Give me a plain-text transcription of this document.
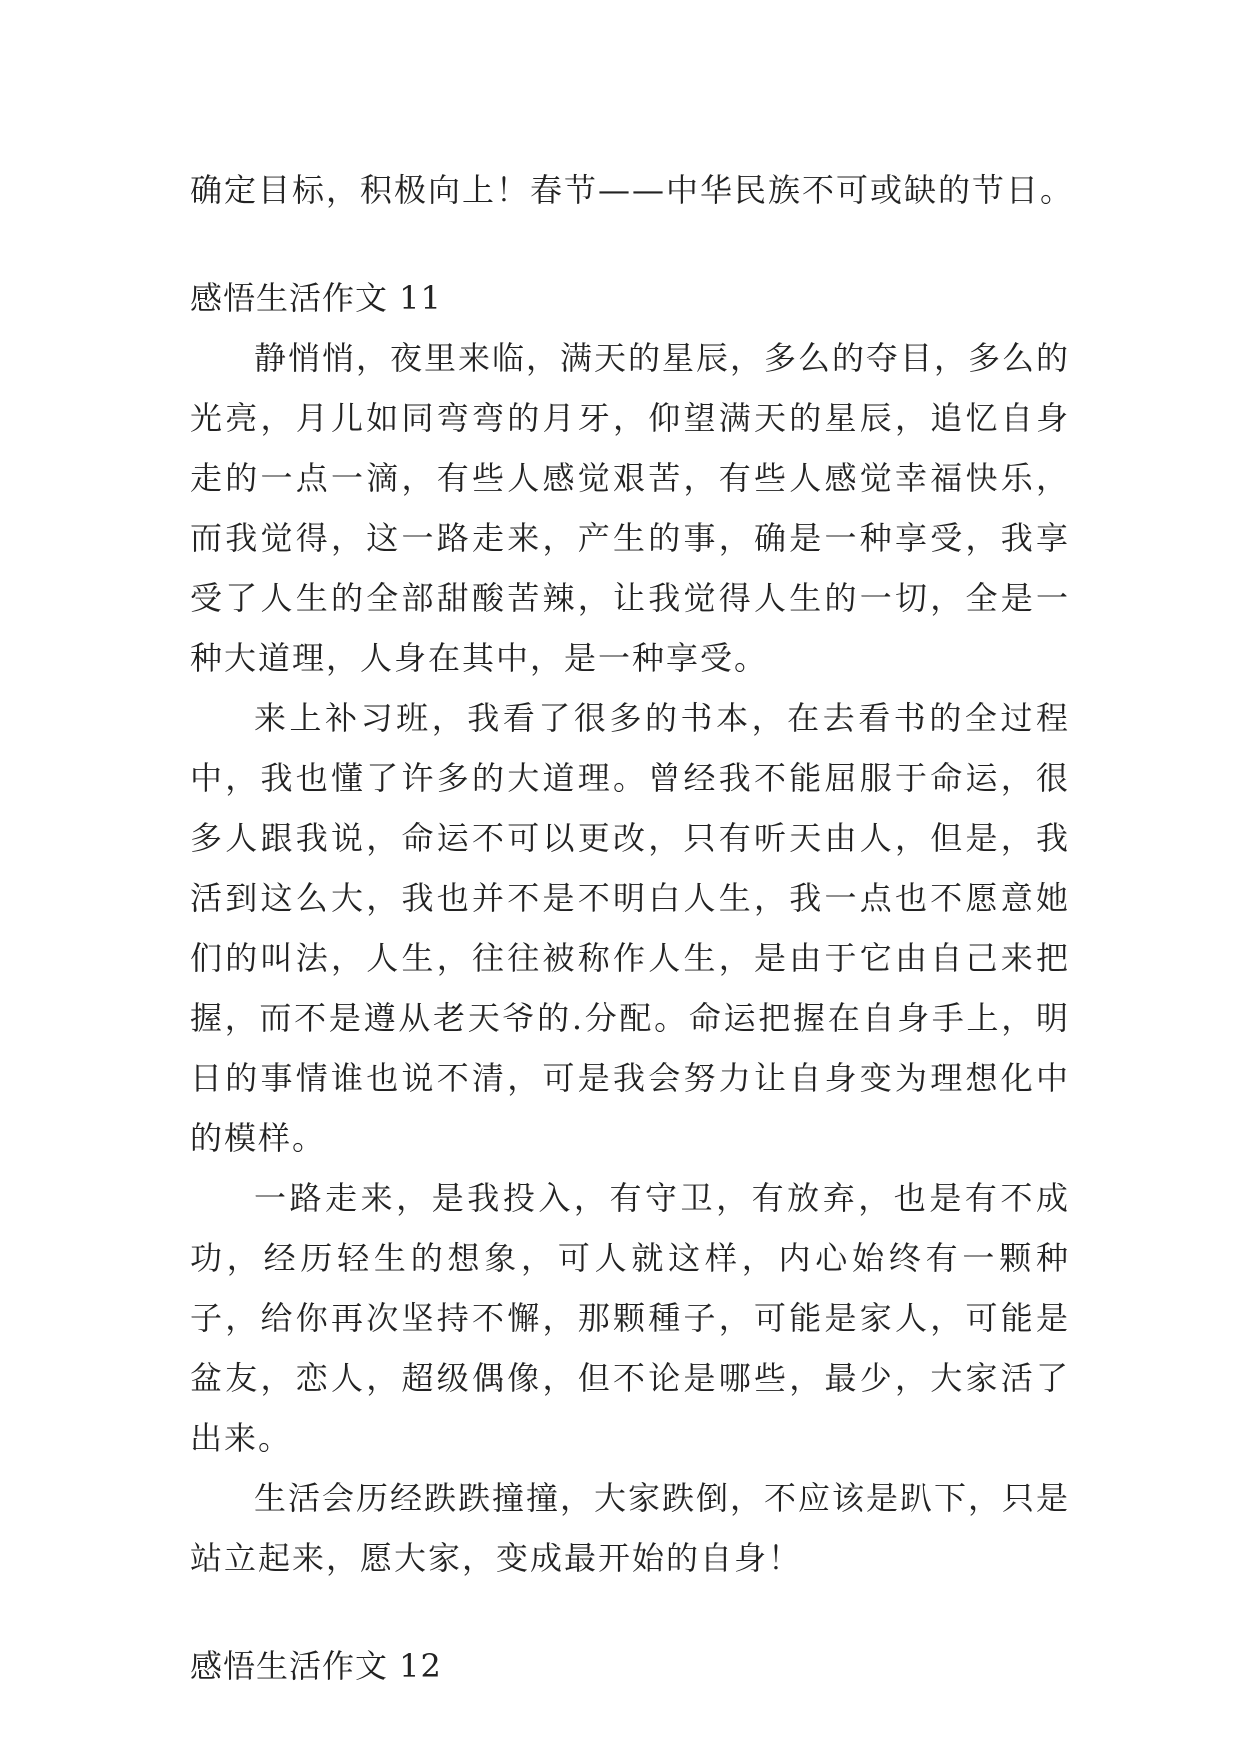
确定目标，积极向上！春节——中华民族不可或缺的节日。

感悟生活作文 11

静悄悄，夜里来临，满天的星辰，多么的夺目，多么的光亮，月儿如同弯弯的月牙，仰望满天的星辰，追忆自身走的一点一滴，有些人感觉艰苦，有些人感觉幸福快乐，而我觉得，这一路走来，产生的事，确是一种享受，我享受了人生的全部甜酸苦辣，让我觉得人生的一切，全是一种大道理，人身在其中，是一种享受。

来上补习班，我看了很多的书本，在去看书的全过程中，我也懂了许多的大道理。曾经我不能屈服于命运，很多人跟我说，命运不可以更改，只有听天由人，但是，我活到这么大，我也并不是不明白人生，我一点也不愿意她们的叫法，人生，往往被称作人生，是由于它由自己来把握，而不是遵从老天爷的.分配。命运把握在自身手上，明日的事情谁也说不清，可是我会努力让自身变为理想化中的模样。

一路走来，是我投入，有守卫，有放弃，也是有不成功，经历轻生的想象，可人就这样，内心始终有一颗种子，给你再次坚持不懈，那颗種子，可能是家人，可能是盆友，恋人，超级偶像，但不论是哪些，最少，大家活了出来。

生活会历经跌跌撞撞，大家跌倒，不应该是趴下，只是站立起来，愿大家，变成最开始的自身！

感悟生活作文 12
